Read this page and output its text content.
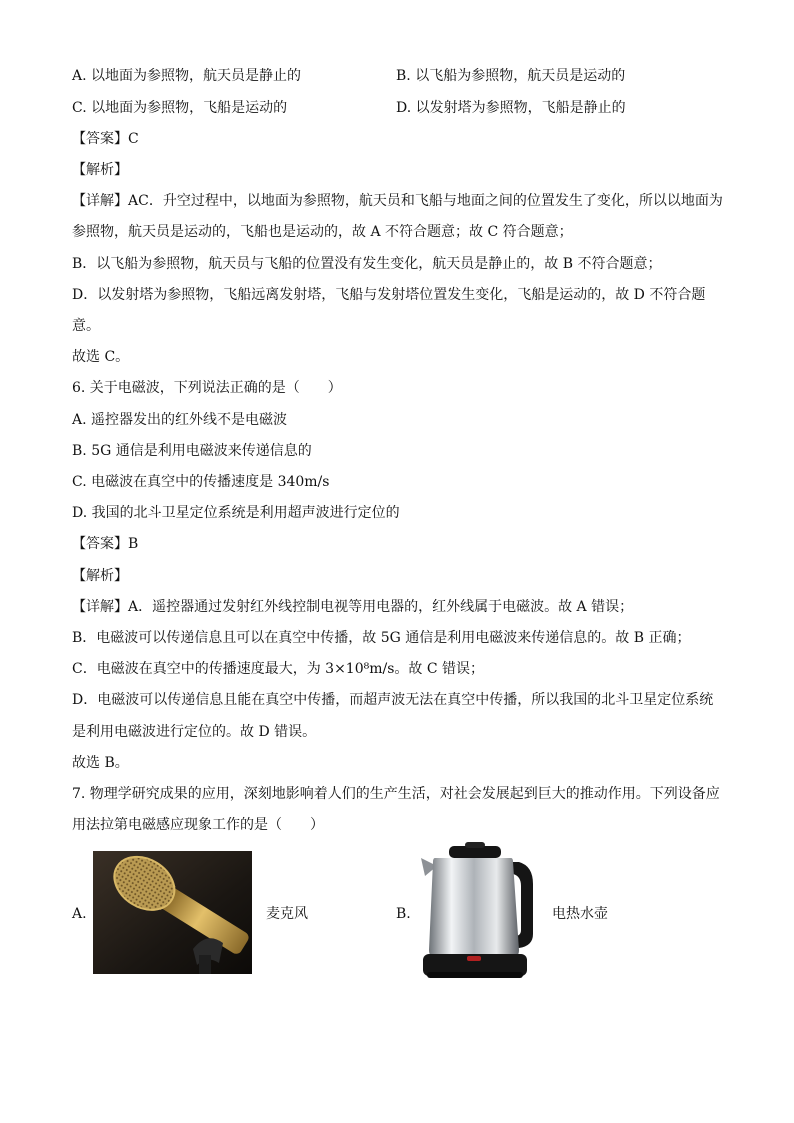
A. 以地面为参照物，航天员是静止的	B. 以飞船为参照物，航天员是运动的
C. 以地面为参照物，飞船是运动的	D. 以发射塔为参照物，飞船是静止的
【答案】C
【解析】
【详解】AC．升空过程中，以地面为参照物，航天员和飞船与地面之间的位置发生了变化，所以以地面为
参照物，航天员是运动的，飞船也是运动的，故 A 不符合题意；故 C 符合题意；
B．以飞船为参照物，航天员与飞船的位置没有发生变化，航天员是静止的，故 B 不符合题意；
D．以发射塔为参照物，飞船远离发射塔，飞船与发射塔位置发生变化，飞船是运动的，故 D 不符合题
意。
故选 C。
6. 关于电磁波，下列说法正确的是（　　）
A. 遥控器发出的红外线不是电磁波
B. 5G 通信是利用电磁波来传递信息的
C. 电磁波在真空中的传播速度是 340m/s
D. 我国的北斗卫星定位系统是利用超声波进行定位的
【答案】B
【解析】
【详解】A．遥控器通过发射红外线控制电视等用电器的，红外线属于电磁波。故 A 错误；
B．电磁波可以传递信息且可以在真空中传播，故 5G 通信是利用电磁波来传递信息的。故 B 正确；
C．电磁波在真空中的传播速度最大，为 3×10⁸m/s。故 C 错误；
D．电磁波可以传递信息且能在真空中传播，而超声波无法在真空中传播，所以我国的北斗卫星定位系统
是利用电磁波进行定位的。故 D 错误。
故选 B。
7. 物理学研究成果的应用，深刻地影响着人们的生产生活，对社会发展起到巨大的推动作用。下列设备应
用法拉第电磁感应现象工作的是（　　）
A.	麦克风	B.	电热水壶
